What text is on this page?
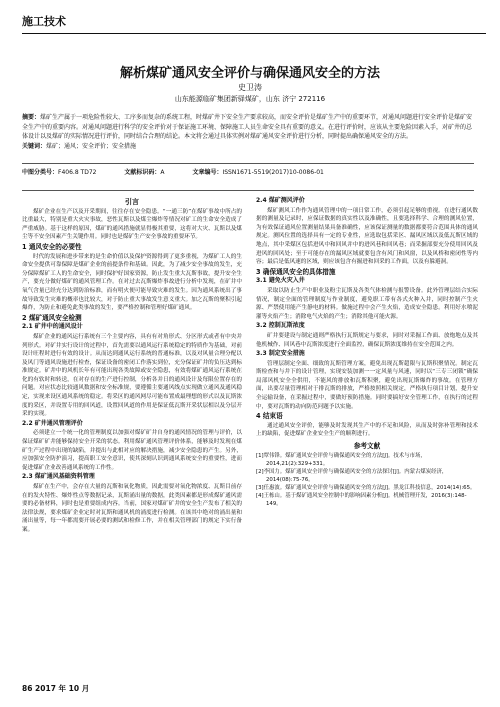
施工技术
解析煤矿通风安全评价与确保通风安全的方法
史卫涛
山东能源临矿集团新驿煤矿，山东 济宁 272116
摘要：煤矿生产属于一项危险性较大、工序多而复杂的系统工程，时煤矿井下安全生产要求较高，而安全评价是煤矿生产中的重要环节，对通风问题进行安全评价是煤矿安全生产中的重要内容。对通风问题进行科学的安全评价对于保证施工环境、保障施工人员生命安全具有重要的意义。在进行评价时，应该从主要危险因素入手，对矿井的总体设计以及煤矿的实际情况进行评价，同时结合合理的结论。本文将会通过具体实例对煤矿通风安全评价进行分析，同时提出确保通风安全的方法。
关键词：煤矿；通风；安全评价；安全措施
中图分类号：F406.8 TD72	文献标识码：A	文章编号：ISSN1671-5519(2017)10-0086-01
引言

煤矿企业在生产以及开采期间，往往存在安全隐患。“一通三防”在煤矿事故中所占的比重最大，特别是重大火灾事故，恶性瓦斯以及煤尘爆炸等情况对矿工的生命安全造成了严重威胁。基于这样的原因，煤矿的通风措施就显得极其重要，这将对大灾、瓦斯以及煤尘等不安全因素产生关键作用。同时也是煤矿生产安全事故的重要环节。

1 通风安全的必要性

时代的发展和进步带来的是生命价值以及保护资源得到了更多重视，为煤矿工人的生命安全提供可靠保障是煤矿企业的前提条件和基础。因此，为了减少安全事故的发生，充分保障煤矿工人的生命安全，同时保护好国家资源，防止发生重大瓦斯事故，提升安全生产，要充分做好煤矿的通风管理工作。在对过去瓦斯爆炸事故进行分析中发现，在矿井中氧气含量已经充分达到防治标准，而有明火便可能导致灾难的发生。因为通风系统出了事故导致发生灾难的概率也比较大，对于防止重大事故发生意义重大。加之瓦斯的聚积引起爆炸，为防止和避免此类事故的发生，要严格控制和管理好煤矿通风。

2 煤矿通风安全检测
2.1 矿井中的通风设计

煤矿企业的通风运行系统有三个主要内容，具有有对角形式、分区形式或者有中央并列形式。对矿井实行设计的过程中，首先需要以通风运行系统稳定的特质作为基础，对前设计旺程时进行有效的设计。从而达到通风运行系统的普通标准，以及对风量合理分配以及风门等通风设施进行检查，保证设备的密闭工作落实到位，充分保证矿井的负压达到标准规定。矿井中的风机长年有可能出现各类故障或安全隐患，有效将煤矿通风运行系统在化的有软时和转送，在对存在的生产进行控制，分析各并日的通风设计及每限位置存在的问题。对应状态比较通风数据和安全标准规，要遵循主要通风线点实现做立通风及通风稳定，实现来设区通风系统的稳定。将采区的通风网尽可能布置成最理想的形式以及瓦斯浓度的采区，并设置专用的回风道，设置回风道的作用是保证低瓦斯开采状层相以及分层开采的实现。

2.2 矿井通风管理评价

必须建立一个统一化的管理制度以加强对煤矿矿井自身的通风情况的管理与评价，以保证煤矿矿井能够保持安全开采的状态。利用煤矿通风管理评价体系，能够及时发现在煤矿生产过程中出现的缺陷，并提出与此相对应的解决措施，减少安全隐患的产生。另外，应加强安全防护演习，提高职工安全意识，使其深刻认识到通风系统安全的重要性，进而促进煤矿企业改善通风系统的工作性。

2.3 煤矿通风基础资料管理

煤矿在生产中，会存在大量的瓦斯和氧化物质，因此需要对氧化物浓度、瓦斯目前存在的发火特性、爆炸性点等数据记录，瓦斯涌出量的数据，此类因素都是形成煤矿通风需要的必备材料，同时也是重要组成内容。当前，国家对煤矿矿井的安全生产发布了相关的法律法规，要求煤矿企业定时对瓦斯和通风机的涌度进行检测。在该其中绝对的涌出量和涌出量等，每一年都需要开展必要的测试和检修工作，并在相关管理部门的规定下实行备案。

2.4 煤矿测风评价

煤矿测风工作作为通风管理中的一项日常工作，必须引起足够的重视。在进行通风数据的测量及记录时，应保证数据的真实性以及准确性，且要选择科学、合理的测风位置，为有效保证通风位置测量结果具备准确性，应该保证测量的数据都要符合范围具体的通风规定。测风位置的选择具有一定的专业性，应选取包括采区、漏风区域以及低瓦斯区域的地点，其中采煤区包括进风中和回风并中的进风巷和回风巷；而采掘部要充分使用回风及进风的回风处；至于可能存在的漏风区域就要包含有风门和风窗，以及风桥和密闭性等内容；最后是低风速的区域，则应该包含有掘进和回采的工作面，以及有躲避洞。

3 确保通风安全的具体措施
3.1 避免火灾入井

采取以防止生产中职业及粉尘瓦斯及各类气体检测与报警设备。此外管理层结合实际情况，制定全面的管理制度与作业制度，避免职工带有各式火种入井，同时控制产生火源、严禁使用能产生静电的材料。做施过程中会产生火焰，造成安全隐患。利用好水喷泥灌等火焰产生；消除电气火焰的产生；消除其他可能火源。

3.2 控制瓦斯浓度

矿井要建设与制定通则严格执行瓦斯规定与要求，同时对采掘工作面、放炮地点及其他机械作、回风巷中瓦斯浓度进行全面监控，确保瓦斯浓度维持在安全范围之内。

3.3 制定安全措施

管理层制定全面、细致的瓦斯管理方案，避免出现瓦斯超限与瓦斯积聚情况。制定瓦斯检查和与井下的设计管理，实现安装加测一一定风量与风速，同时以“三专三闭锁”确保局部风机安全全供用，不能风的排放和瓦斯积聚，避免出现瓦斯爆炸的事故。在管理方面，出要尽量管理相对于排瓦斯的排放，严格按照相关规定，严格执行项目计划，提升安全运输设备，在采掘过程中，要做好预防措施。同时要搞好安全管理工作，在执行的过程中，要对瓦斯的动向防范问题予以实施。

4 结束语

通过通风安全评价，能够及时发现其生产中的不足和风险，从而及时弥补管理和技术上的缺陷，促进煤矿企业安全生产的顺利进行。

参考文献
[1]覃伟锋。煤矿通风安全评价与确保通风安全的方法[J]。技术与市场，2014,21(2):329+331。
[2]李国力。煤矿通风安全评价与确保通风安全的方法探讨[J]。内蒙古煤炭经济，2014(08):75-76。
[3]任惠波。煤矿通风安全评价与确保通风安全的方法[J]。黑龙江科技信息，2014(14):65。
[4]王栋山。基于煤矿通风安全控制中的影响因素分析[J]。机械管理开发，2016(3):148-149。
86 2017 年 10 月
